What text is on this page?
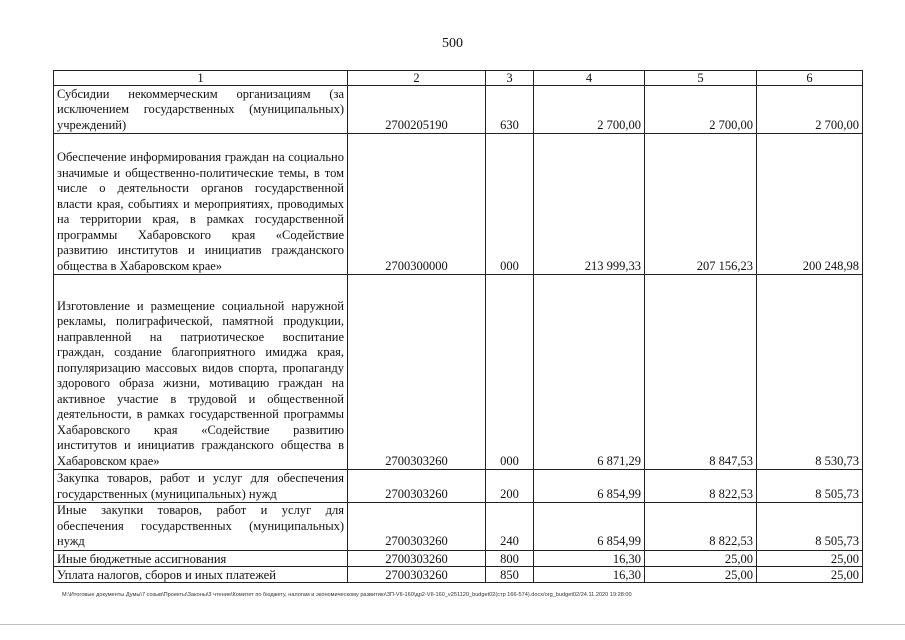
500
1	2	3	4	5	6
Субсидии некоммерческим организациям (за исключением государственных (муниципальных) учреждений)	2700205190	630	2 700,00	2 700,00	2 700,00
Обеспечение информирования граждан на социально значимые и общественно-политические темы, в том числе о деятельности органов государственной власти края, событиях и мероприятиях, проводимых на территории края, в рамках государственной программы Хабаровского края «Содействие развитию институтов и инициатив гражданского общества в Хабаровском крае»	2700300000	000	213 999,33	207 156,23	200 248,98
Изготовление и размещение социальной наружной рекламы, полиграфической, памятной продукции, направленной на патриотическое воспитание граждан, создание благоприятного имиджа края, популяризацию массовых видов спорта, пропаганду здорового образа жизни, мотивацию граждан на активное участие в трудовой и общественной деятельности, в рамках государственной программы Хабаровского края «Содействие развитию институтов и инициатив гражданского общества в Хабаровском крае»	2700303260	000	6 871,29	8 847,53	8 530,73
Закупка товаров, работ и услуг для обеспечения государственных (муниципальных) нужд	2700303260	200	6 854,99	8 822,53	8 505,73
Иные закупки товаров, работ и услуг для обеспечения государственных (муниципальных) нужд	2700303260	240	6 854,99	8 822,53	8 505,73
Иные бюджетные ассигнования	2700303260	800	16,30	25,00	25,00
Уплата налогов, сборов и иных платежей	2700303260	850	16,30	25,00	25,00
M:\Итоговые документы Думы\7 созыв\Проекты\Законы\3 чтение\Комитет по бюджету, налогам и экономическому развитию\ЗП-VII-160\др2-VII-160_v251120_budget02(стр 166-574).docx/org_budget02/24.11.2020 19:28:00
